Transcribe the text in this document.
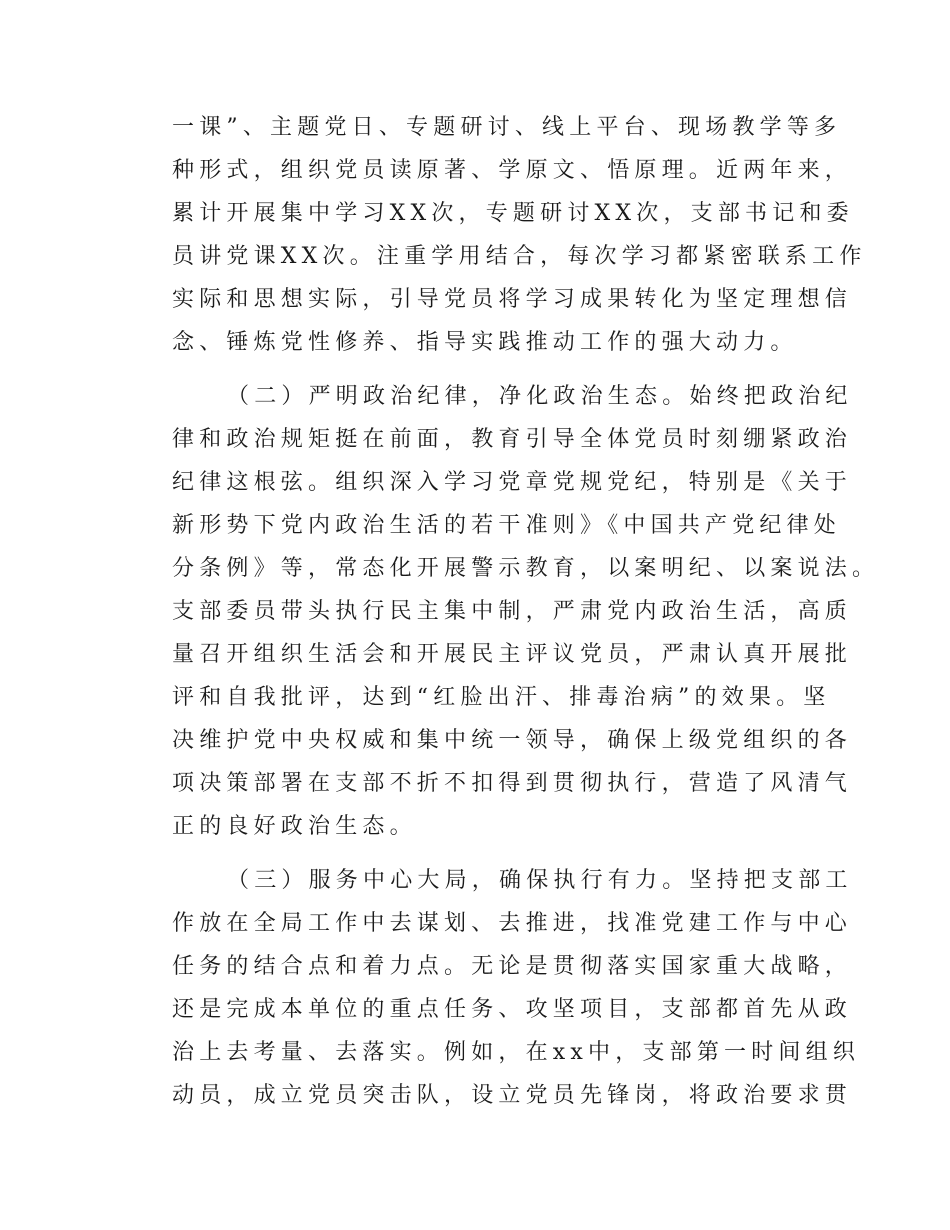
一课”、主题党日、专题研讨、线上平台、现场教学等多
种形式，组织党员读原著、学原文、悟原理。近两年来，
累计开展集中学习XX次，专题研讨XX次，支部书记和委
员讲党课XX次。注重学用结合，每次学习都紧密联系工作
实际和思想实际，引导党员将学习成果转化为坚定理想信
念、锤炼党性修养、指导实践推动工作的强大动力。
（二）严明政治纪律，净化政治生态。始终把政治纪
律和政治规矩挺在前面，教育引导全体党员时刻绷紧政治
纪律这根弦。组织深入学习党章党规党纪，特别是《关于
新形势下党内政治生活的若干准则》《中国共产党纪律处
分条例》等，常态化开展警示教育，以案明纪、以案说法。
支部委员带头执行民主集中制，严肃党内政治生活，高质
量召开组织生活会和开展民主评议党员，严肃认真开展批
评和自我批评，达到“红脸出汗、排毒治病”的效果。坚
决维护党中央权威和集中统一领导，确保上级党组织的各
项决策部署在支部不折不扣得到贯彻执行，营造了风清气
正的良好政治生态。
（三）服务中心大局，确保执行有力。坚持把支部工
作放在全局工作中去谋划、去推进，找准党建工作与中心
任务的结合点和着力点。无论是贯彻落实国家重大战略，
还是完成本单位的重点任务、攻坚项目，支部都首先从政
治上去考量、去落实。例如，在xx中，支部第一时间组织
动员，成立党员突击队，设立党员先锋岗，将政治要求贯
